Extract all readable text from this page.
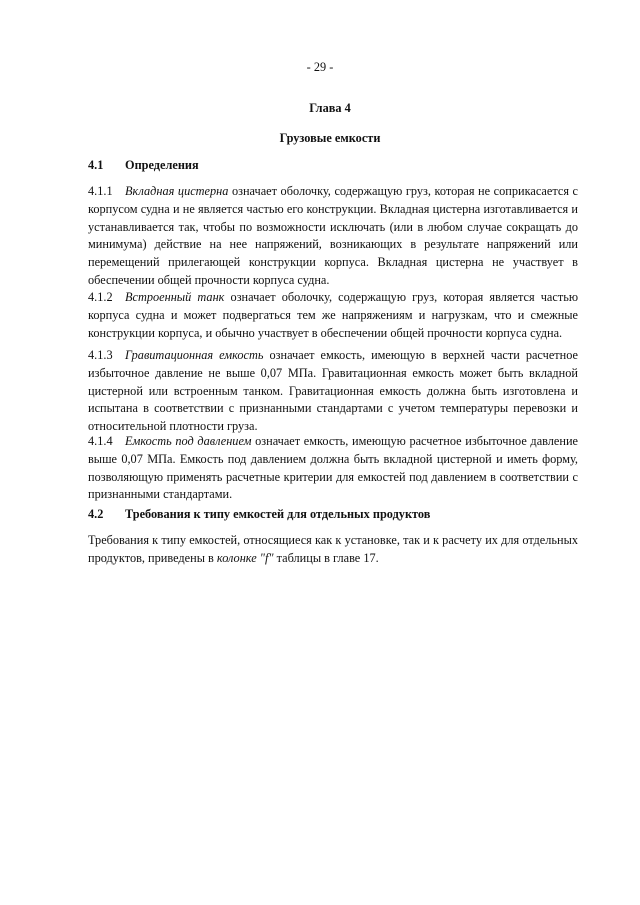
- 29 -
Глава 4
Грузовые емкости
4.1 Определения
4.1.1 Вкладная цистерна означает оболочку, содержащую груз, которая не соприкасается с корпусом судна и не является частью его конструкции. Вкладная цистерна изготавливается и устанавливается так, чтобы по возможности исключать (или в любом случае сокращать до минимума) действие на нее напряжений, возникающих в результате напряжений или перемещений прилегающей конструкции корпуса. Вкладная цистерна не участвует в обеспечении общей прочности корпуса судна.
4.1.2 Встроенный танк означает оболочку, содержащую груз, которая является частью корпуса судна и может подвергаться тем же напряжениям и нагрузкам, что и смежные конструкции корпуса, и обычно участвует в обеспечении общей прочности корпуса судна.
4.1.3 Гравитационная емкость означает емкость, имеющую в верхней части расчетное избыточное давление не выше 0,07 МПа. Гравитационная емкость может быть вкладной цистерной или встроенным танком. Гравитационная емкость должна быть изготовлена и испытана в соответствии с признанными стандартами с учетом температуры перевозки и относительной плотности груза.
4.1.4 Емкость под давлением означает емкость, имеющую расчетное избыточное давление выше 0,07 МПа. Емкость под давлением должна быть вкладной цистерной и иметь форму, позволяющую применять расчетные критерии для емкостей под давлением в соответствии с признанными стандартами.
4.2 Требования к типу емкостей для отдельных продуктов
Требования к типу емкостей, относящиеся как к установке, так и к расчету их для отдельных продуктов, приведены в колонке "f" таблицы в главе 17.
